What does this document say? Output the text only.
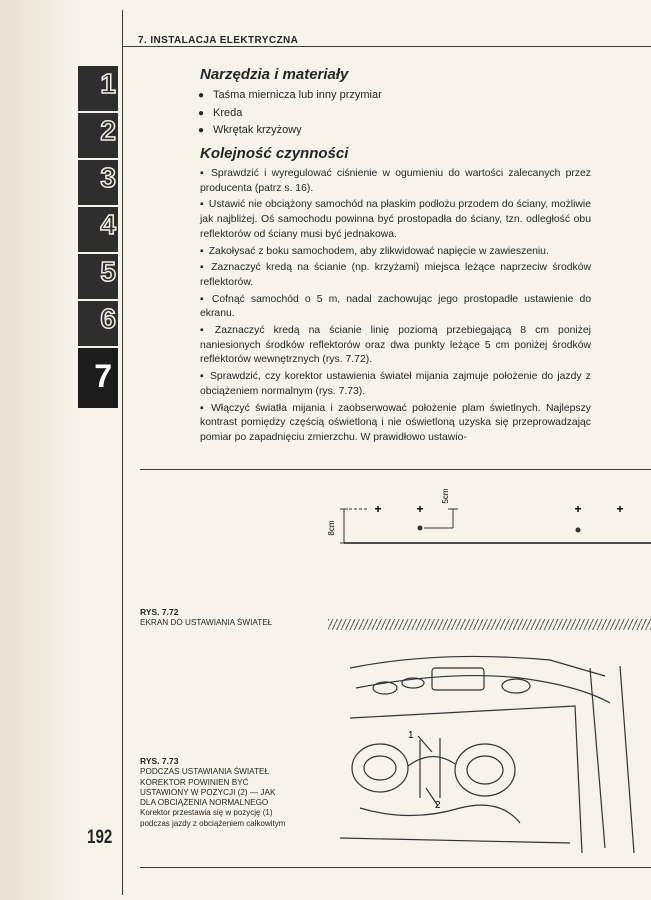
7. INSTALACJA ELEKTRYCZNA
1
2
3
4
5
6
7
Narzędzia i materiały
● Taśma miernicza lub inny przymiar
● Kreda
● Wkrętak krzyżowy
Kolejność czynności

▪ Sprawdzić i wyregulować ciśnienie w ogumieniu do wartości zalecanych przez producenta (patrz s. 16).

▪ Ustawić nie obciążony samochód na płaskim podłożu przodem do ściany, możliwie jak najbliżej. Oś samochodu powinna być prostopadła do ściany, tzn. odległość obu reflektorów od ściany musi być jednakowa.

▪ Zakołysać z boku samochodem, aby zlikwidować napięcie w zawieszeniu.

▪ Zaznaczyć kredą na ścianie (np. krzyżami) miejsca leżące naprzeciw środków reflektorów.

▪ Cofnąć samochód o 5 m, nadal zachowując jego prostopadłe ustawienie do ekranu.

▪ Zaznaczyć kredą na ścianie linię poziomą przebiegającą 8 cm poniżej naniesionych środków reflektorów oraz dwa punkty leżące 5 cm poniżej środków reflektorów wewnętrznych (rys. 7.72).

▪ Sprawdzić, czy korektor ustawienia świateł mijania zajmuje położenie do jazdy z obciążeniem normalnym (rys. 7.73).

▪ Włączyć światła mijania i zaobserwować położenie plam świetlnych. Najlepszy kontrast pomiędzy częścią oświetloną i nie oświetloną uzyska się przeprowadzając pomiar po zapadnięciu zmierzchu. W prawidłowo ustawio-

8cm
+	+
5cm
+	+
RYS. 7.72
EKRAN DO USTAWIANIA ŚWIATEŁ
1
2
RYS. 7.73
PODCZAS USTAWIANIA ŚWIATEŁ
KOREKTOR POWINIEN BYĆ
USTAWIONY W POZYCJI (2) — JAK
DLA OBCIĄŻENIA NORMALNEGO
Korektor przestawia się w pozycję (1)
podczas jazdy z obciążeniem całkowitym
192
